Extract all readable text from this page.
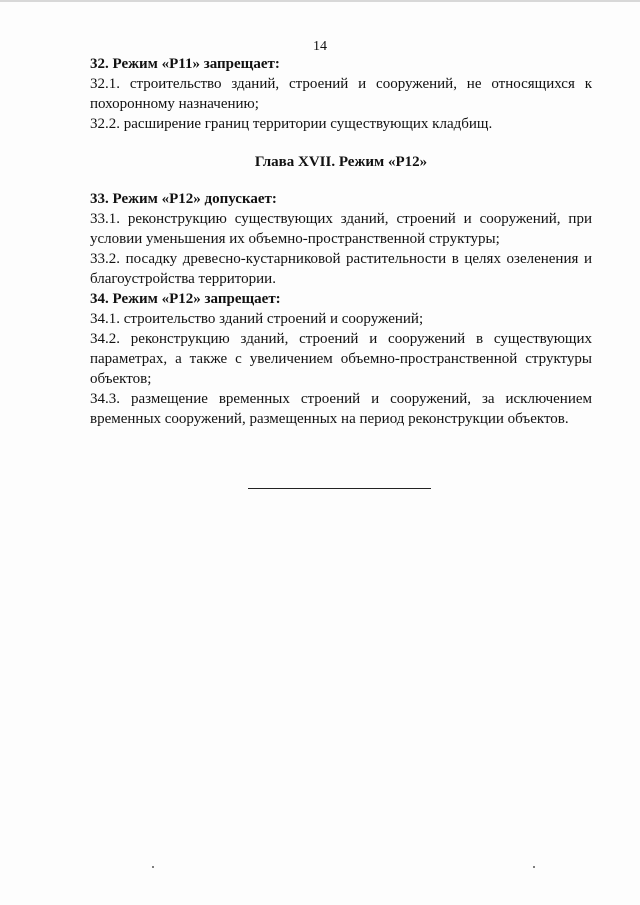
14

32. Режим «Р11» запрещает:

32.1. строительство зданий, строений и сооружений, не относящихся к похоронному назначению;

32.2. расширение границ территории существующих кладбищ.

Глава XVII. Режим «Р12»

33. Режим «Р12» допускает:

33.1. реконструкцию существующих зданий, строений и сооружений, при условии уменьшения их объемно-пространственной структуры;

33.2. посадку древесно-кустарниковой растительности в целях озеленения и благоустройства территории.

34. Режим «Р12» запрещает:

34.1. строительство зданий строений и сооружений;

34.2. реконструкцию зданий, строений и сооружений в существующих параметрах, а также с увеличением объемно-пространственной структуры объектов;

34.3. размещение временных строений и сооружений, за исключением временных сооружений, размещенных на период реконструкции объектов.
